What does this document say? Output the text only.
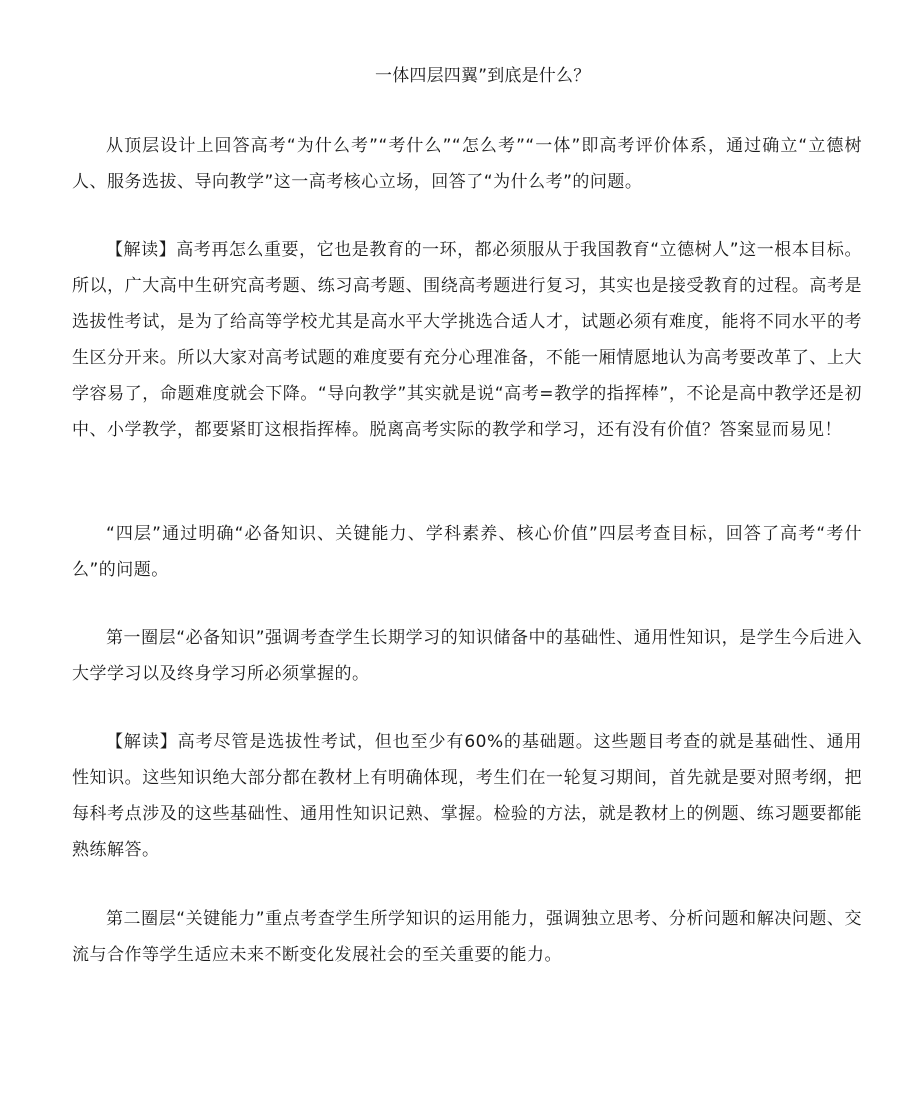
一体四层四翼”到底是什么？

从顶层设计上回答高考“为什么考”“考什么”“怎么考”“一体”即高考评价体系，通过确立“立德树人、服务选拔、导向教学”这一高考核心立场，回答了“为什么考”的问题。

【解读】高考再怎么重要，它也是教育的一环，都必须服从于我国教育“立德树人”这一根本目标。所以，广大高中生研究高考题、练习高考题、围绕高考题进行复习，其实也是接受教育的过程。高考是选拔性考试，是为了给高等学校尤其是高水平大学挑选合适人才，试题必须有难度，能将不同水平的考生区分开来。所以大家对高考试题的难度要有充分心理准备，不能一厢情愿地认为高考要改革了、上大学容易了，命题难度就会下降。“导向教学”其实就是说“高考=教学的指挥棒”，不论是高中教学还是初中、小学教学，都要紧盯这根指挥棒。脱离高考实际的教学和学习，还有没有价值？答案显而易见！

“四层”通过明确“必备知识、关键能力、学科素养、核心价值”四层考查目标，回答了高考“考什么”的问题。

第一圈层“必备知识”强调考查学生长期学习的知识储备中的基础性、通用性知识，是学生今后进入大学学习以及终身学习所必须掌握的。

【解读】高考尽管是选拔性考试，但也至少有60%的基础题。这些题目考查的就是基础性、通用性知识。这些知识绝大部分都在教材上有明确体现，考生们在一轮复习期间，首先就是要对照考纲，把每科考点涉及的这些基础性、通用性知识记熟、掌握。检验的方法，就是教材上的例题、练习题要都能熟练解答。

第二圈层“关键能力”重点考查学生所学知识的运用能力，强调独立思考、分析问题和解决问题、交流与合作等学生适应未来不断变化发展社会的至关重要的能力。
